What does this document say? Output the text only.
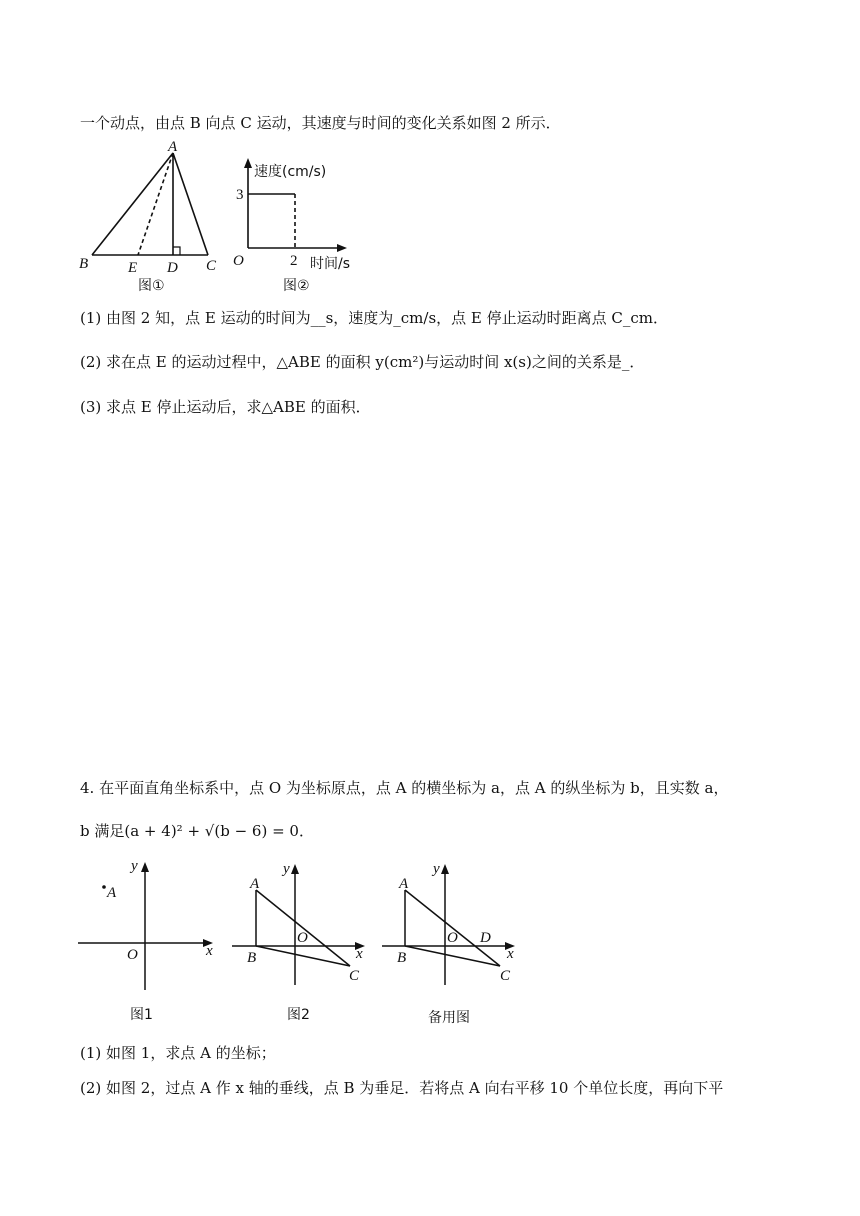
一个动点，由点 B 向点 C 运动，其速度与时间的变化关系如图 2 所示．
A
B	E D C
图①
速度(cm/s)
3
O	2 时间/s
图②
(1) 由图 2 知，点 E 运动的时间为__s，速度为_cm/s，点 E 停止运动时距离点 C_cm．
(2) 求在点 E 的运动过程中，△ABE 的面积 y(cm²)与运动时间 x(s)之间的关系是_．
(3) 求点 E 停止运动后，求△ABE 的面积．
4. 在平面直角坐标系中，点 O 为坐标原点，点 A 的横坐标为 a，点 A 的纵坐标为 b，且实数 a，
b 满足(a + 4)² + √(b − 6) = 0．
A
y
x
O
图1
A
y
x
O
B
C
图2
A
y
x
O D
B
C
备用图
(1) 如图 1，求点 A 的坐标；
(2) 如图 2，过点 A 作 x 轴的垂线，点 B 为垂足．若将点 A 向右平移 10 个单位长度，再向下平
